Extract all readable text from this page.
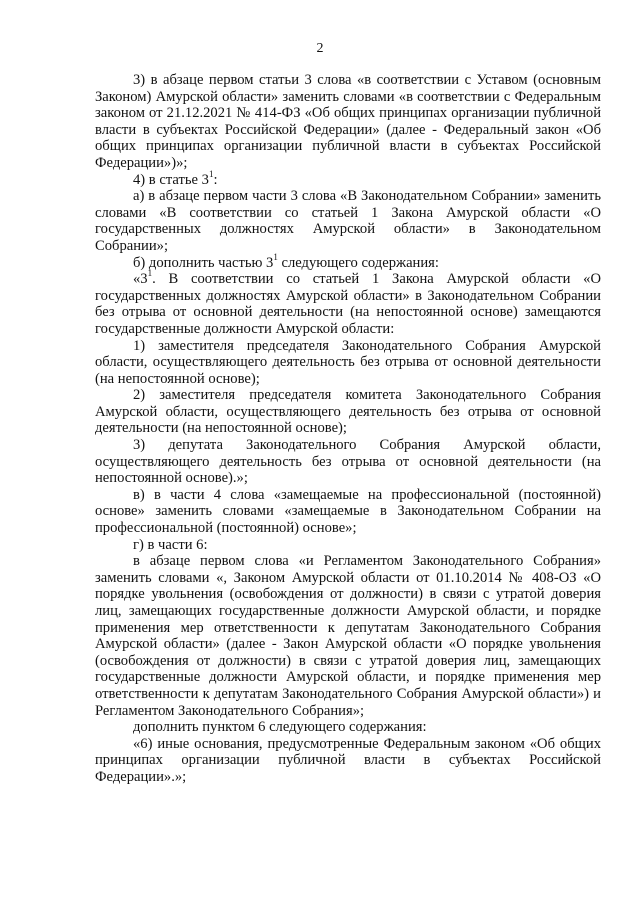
2

3) в абзаце первом статьи 3 слова «в соответствии с Уставом (основным Законом) Амурской области» заменить словами «в соответствии с Федеральным законом от 21.12.2021 № 414-ФЗ «Об общих принципах организации публичной власти в субъектах Российской Федерации» (далее - Федеральный закон «Об общих принципах организации публичной власти в субъектах Российской Федерации»)»;

4) в статье $3^1$:

а) в абзаце первом части 3 слова «В Законодательном Собрании» заменить словами «В соответствии со статьей 1 Закона Амурской области «О государственных должностях Амурской области» в Законодательном Собрании»;

б) дополнить частью $3^1$ следующего содержания:

«$3^1$. В соответствии со статьей 1 Закона Амурской области «О государственных должностях Амурской области» в Законодательном Собрании без отрыва от основной деятельности (на непостоянной основе) замещаются государственные должности Амурской области:

1) заместителя председателя Законодательного Собрания Амурской области, осуществляющего деятельность без отрыва от основной деятельности (на непостоянной основе);

2) заместителя председателя комитета Законодательного Собрания Амурской области, осуществляющего деятельность без отрыва от основной деятельности (на непостоянной основе);

3) депутата Законодательного Собрания Амурской области, осуществляющего деятельность без отрыва от основной деятельности (на непостоянной основе).»;

в) в части 4 слова «замещаемые на профессиональной (постоянной) основе» заменить словами «замещаемые в Законодательном Собрании на профессиональной (постоянной) основе»;

г) в части 6:

в абзаце первом слова «и Регламентом Законодательного Собрания» заменить словами «, Законом Амурской области от 01.10.2014 № 408-ОЗ «О порядке увольнения (освобождения от должности) в связи с утратой доверия лиц, замещающих государственные должности Амурской области, и порядке применения мер ответственности к депутатам Законодательного Собрания Амурской области» (далее - Закон Амурской области «О порядке увольнения (освобождения от должности) в связи с утратой доверия лиц, замещающих государственные должности Амурской области, и порядке применения мер ответственности к депутатам Законодательного Собрания Амурской области») и Регламентом Законодательного Собрания»;

дополнить пунктом 6 следующего содержания:

«6) иные основания, предусмотренные Федеральным законом «Об общих принципах организации публичной власти в субъектах Российской Федерации».»;
